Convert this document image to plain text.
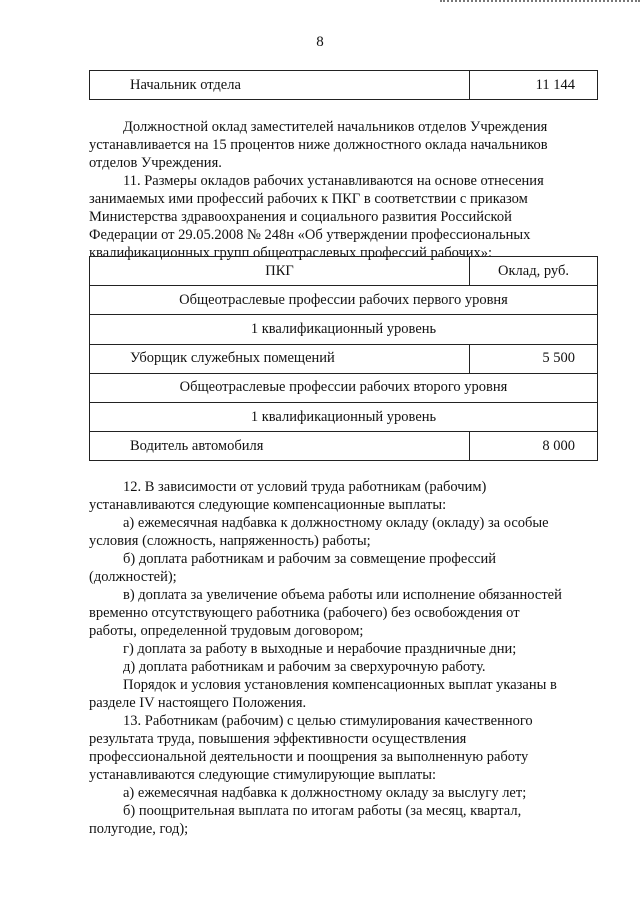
8
Начальник отдела	11 144
Должностной оклад заместителей начальников отделов Учреждения
устанавливается на 15 процентов ниже должностного оклада начальников
отделов Учреждения.
11. Размеры окладов рабочих устанавливаются на основе отнесения
занимаемых ими профессий рабочих к ПКГ в соответствии с приказом
Министерства здравоохранения и социального развития Российской
Федерации от 29.05.2008 № 248н «Об утверждении профессиональных
квалификационных групп общеотраслевых профессий рабочих»:
ПКГ	Оклад, руб.
Общеотраслевые профессии рабочих первого уровня	
1 квалификационный уровень	
Уборщик служебных помещений	5 500
Общеотраслевые профессии рабочих второго уровня	
1 квалификационный уровень	
Водитель автомобиля	8 000
12. В зависимости от условий труда работникам (рабочим)
устанавливаются следующие компенсационные выплаты:
а) ежемесячная надбавка к должностному окладу (окладу) за особые
условия (сложность, напряженность) работы;
б) доплата работникам и рабочим за совмещение профессий
(должностей);
в) доплата за увеличение объема работы или исполнение обязанностей
временно отсутствующего работника (рабочего) без освобождения от
работы, определенной трудовым договором;
г) доплата за работу в выходные и нерабочие праздничные дни;
д) доплата работникам и рабочим за сверхурочную работу.
Порядок и условия установления компенсационных выплат указаны в
разделе IV настоящего Положения.
13. Работникам (рабочим) с целью стимулирования качественного
результата труда, повышения эффективности осуществления
профессиональной деятельности и поощрения за выполненную работу
устанавливаются следующие стимулирующие выплаты:
а) ежемесячная надбавка к должностному окладу за выслугу лет;
б) поощрительная выплата по итогам работы (за месяц, квартал,
полугодие, год);
